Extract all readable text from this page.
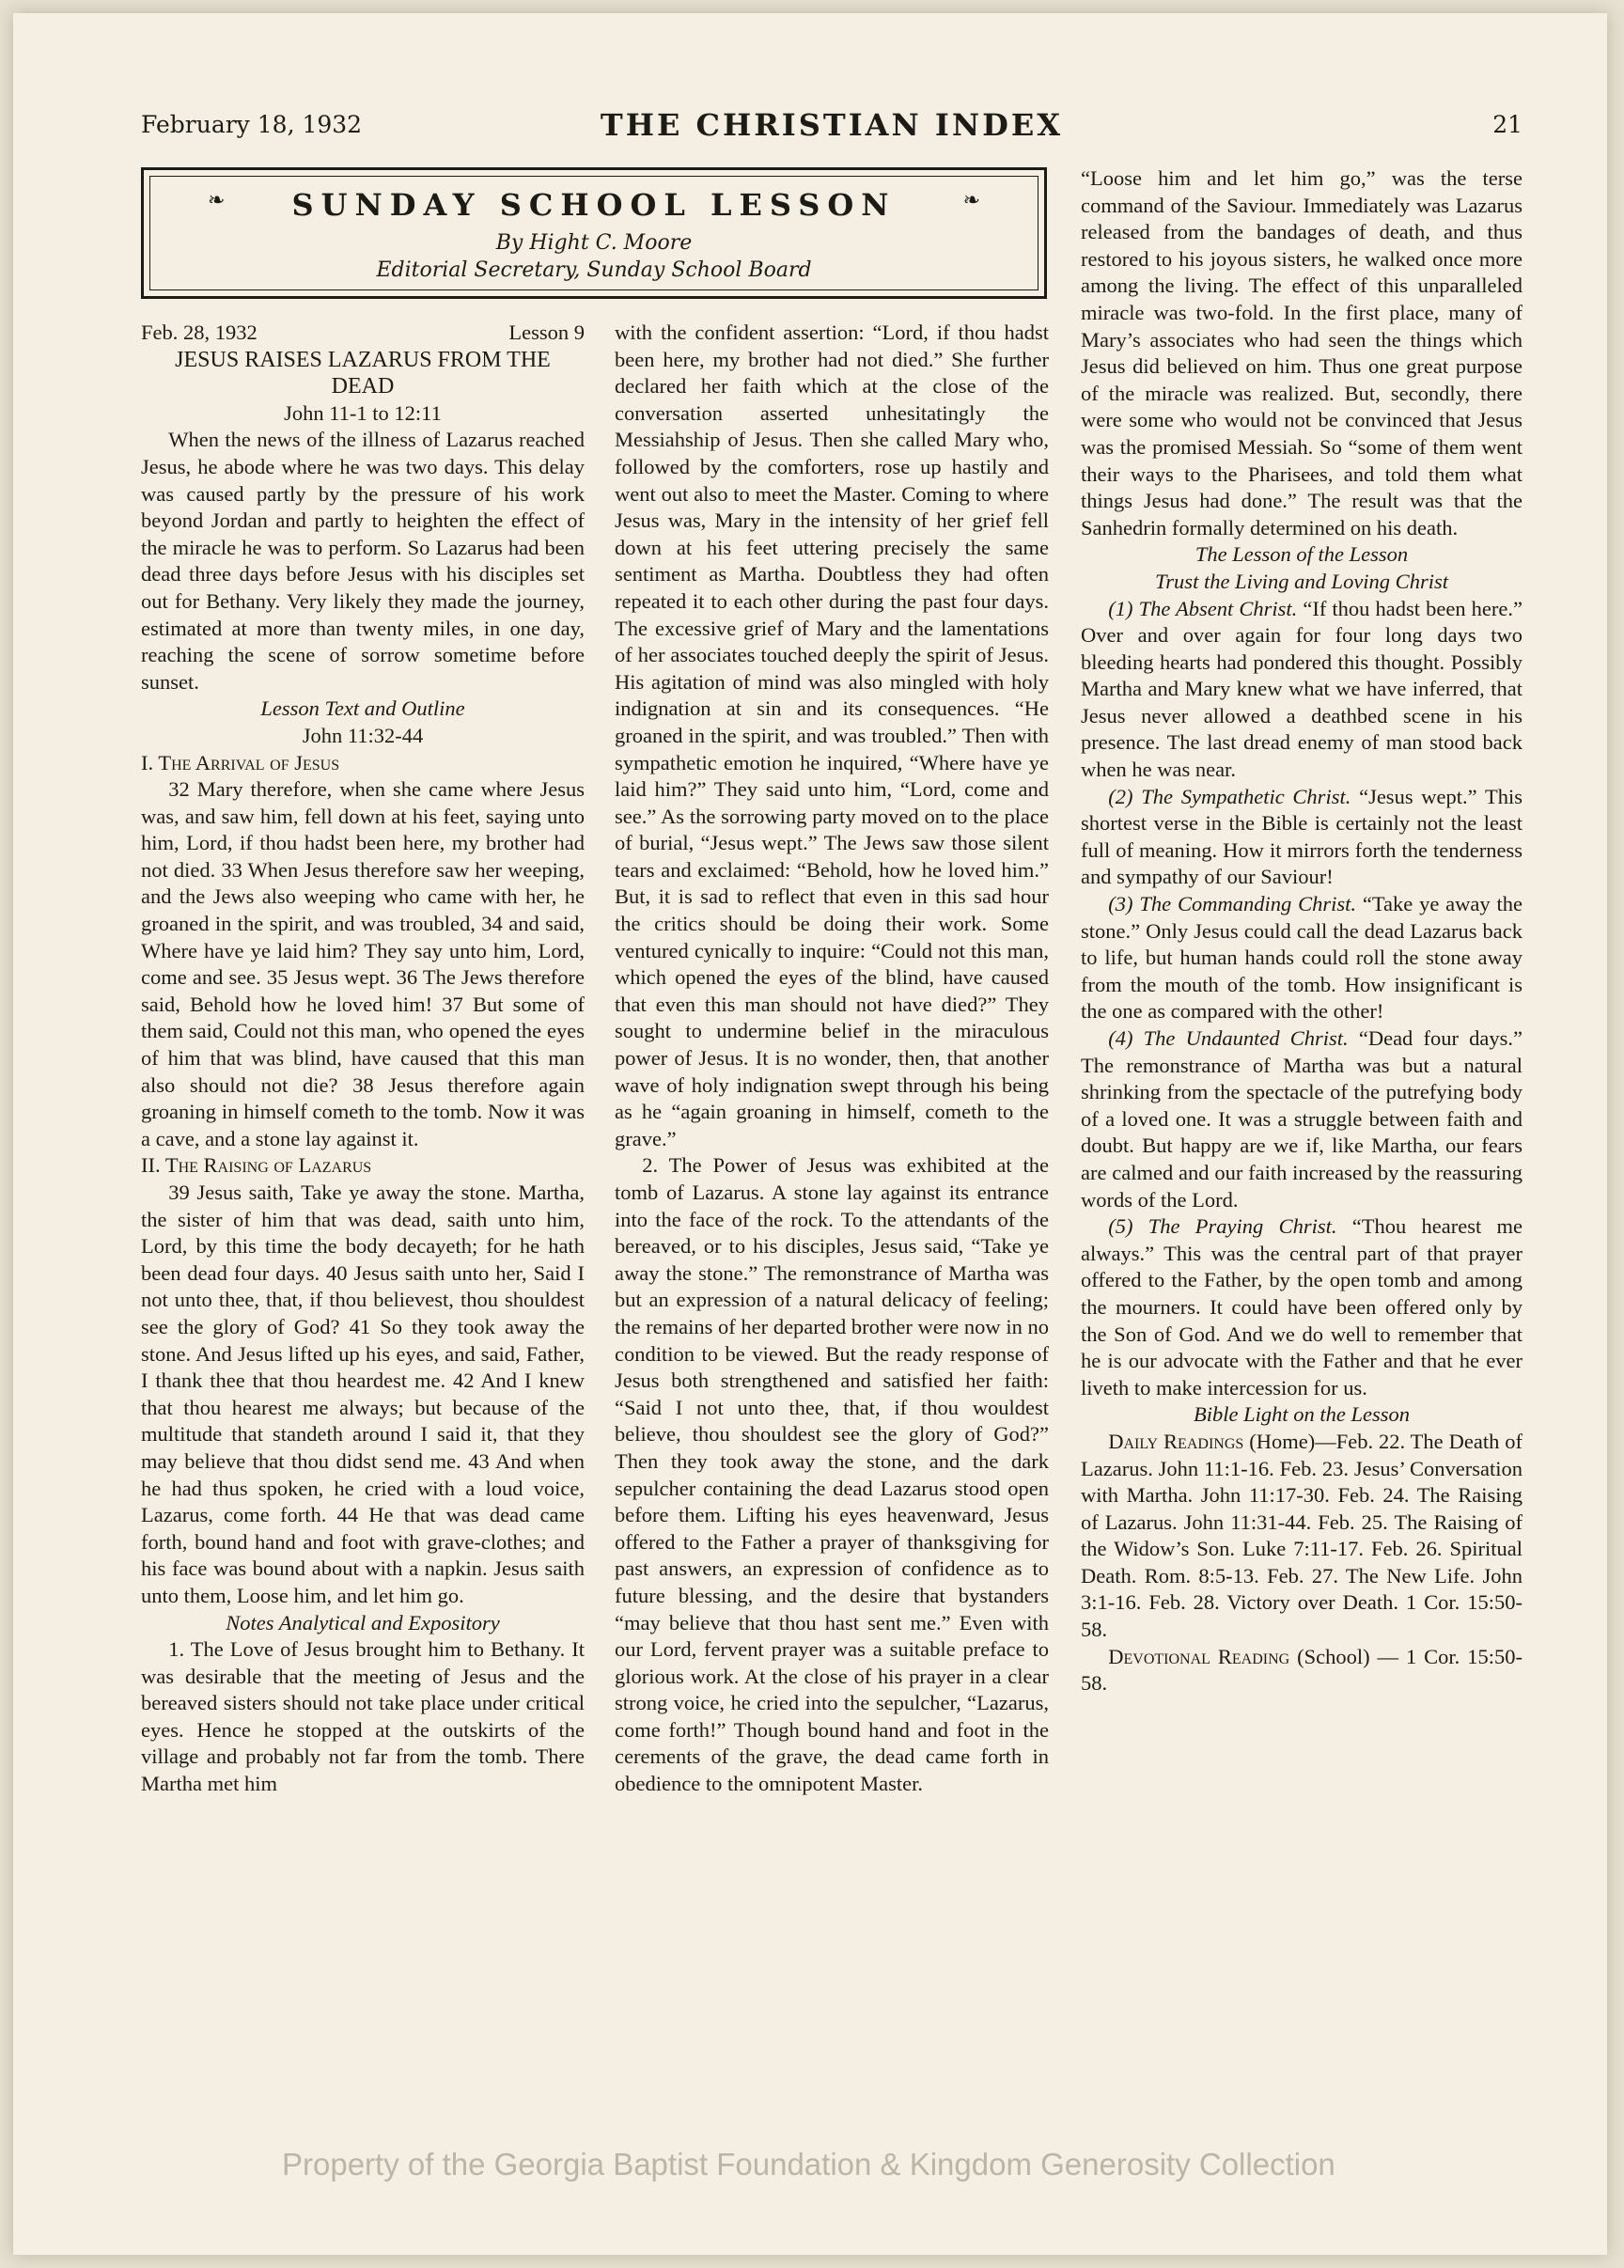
February 18, 1932	THE CHRISTIAN INDEX	21
❧	❧
SUNDAY SCHOOL LESSON
By Hight C. Moore
Editorial Secretary, Sunday School Board
Feb. 28, 1932	Lesson 9

JESUS RAISES LAZARUS FROM THE DEAD

John 11-1 to 12:11

When the news of the illness of Lazarus reached Jesus, he abode where he was two days. This delay was caused partly by the pressure of his work beyond Jordan and partly to heighten the effect of the miracle he was to perform. So Lazarus had been dead three days before Jesus with his disciples set out for Bethany. Very likely they made the journey, estimated at more than twenty miles, in one day, reaching the scene of sorrow sometime before sunset.

Lesson Text and Outline

John 11:32-44

I. The Arrival of Jesus

32 Mary therefore, when she came where Jesus was, and saw him, fell down at his feet, saying unto him, Lord, if thou hadst been here, my brother had not died. 33 When Jesus therefore saw her weeping, and the Jews also weeping who came with her, he groaned in the spirit, and was troubled, 34 and said, Where have ye laid him? They say unto him, Lord, come and see. 35 Jesus wept. 36 The Jews therefore said, Behold how he loved him! 37 But some of them said, Could not this man, who opened the eyes of him that was blind, have caused that this man also should not die? 38 Jesus therefore again groaning in himself cometh to the tomb. Now it was a cave, and a stone lay against it.

II. The Raising of Lazarus

39 Jesus saith, Take ye away the stone. Martha, the sister of him that was dead, saith unto him, Lord, by this time the body decayeth; for he hath been dead four days. 40 Jesus saith unto her, Said I not unto thee, that, if thou believest, thou shouldest see the glory of God? 41 So they took away the stone. And Jesus lifted up his eyes, and said, Father, I thank thee that thou heardest me. 42 And I knew that thou hearest me always; but because of the multitude that standeth around I said it, that they may believe that thou didst send me. 43 And when he had thus spoken, he cried with a loud voice, Lazarus, come forth. 44 He that was dead came forth, bound hand and foot with grave-clothes; and his face was bound about with a napkin. Jesus saith unto them, Loose him, and let him go.

Notes Analytical and Expository

1. The Love of Jesus brought him to Bethany. It was desirable that the meeting of Jesus and the bereaved sisters should not take place under critical eyes. Hence he stopped at the outskirts of the village and probably not far from the tomb. There Martha met him

with the confident assertion: “Lord, if thou hadst been here, my brother had not died.” She further declared her faith which at the close of the conversation asserted unhesitatingly the Messiahship of Jesus. Then she called Mary who, followed by the comforters, rose up hastily and went out also to meet the Master. Coming to where Jesus was, Mary in the intensity of her grief fell down at his feet uttering precisely the same sentiment as Martha. Doubtless they had often repeated it to each other during the past four days. The excessive grief of Mary and the lamentations of her associates touched deeply the spirit of Jesus. His agitation of mind was also mingled with holy indignation at sin and its consequences. “He groaned in the spirit, and was troubled.” Then with sympathetic emotion he inquired, “Where have ye laid him?” They said unto him, “Lord, come and see.” As the sorrowing party moved on to the place of burial, “Jesus wept.” The Jews saw those silent tears and exclaimed: “Behold, how he loved him.” But, it is sad to reflect that even in this sad hour the critics should be doing their work. Some ventured cynically to inquire: “Could not this man, which opened the eyes of the blind, have caused that even this man should not have died?” They sought to undermine belief in the miraculous power of Jesus. It is no wonder, then, that another wave of holy indignation swept through his being as he “again groaning in himself, cometh to the grave.”

2. The Power of Jesus was exhibited at the tomb of Lazarus. A stone lay against its entrance into the face of the rock. To the attendants of the bereaved, or to his disciples, Jesus said, “Take ye away the stone.” The remonstrance of Martha was but an expression of a natural delicacy of feeling; the remains of her departed brother were now in no condition to be viewed. But the ready response of Jesus both strengthened and satisfied her faith: “Said I not unto thee, that, if thou wouldest believe, thou shouldest see the glory of God?” Then they took away the stone, and the dark sepulcher containing the dead Lazarus stood open before them. Lifting his eyes heavenward, Jesus offered to the Father a prayer of thanksgiving for past answers, an expression of confidence as to future blessing, and the desire that bystanders “may believe that thou hast sent me.” Even with our Lord, fervent prayer was a suitable preface to glorious work. At the close of his prayer in a clear strong voice, he cried into the sepulcher, “Lazarus, come forth!” Though bound hand and foot in the cerements of the grave, the dead came forth in obedience to the omnipotent Master.

“Loose him and let him go,” was the terse command of the Saviour. Immediately was Lazarus released from the bandages of death, and thus restored to his joyous sisters, he walked once more among the living. The effect of this unparalleled miracle was two-fold. In the first place, many of Mary’s associates who had seen the things which Jesus did believed on him. Thus one great purpose of the miracle was realized. But, secondly, there were some who would not be convinced that Jesus was the promised Messiah. So “some of them went their ways to the Pharisees, and told them what things Jesus had done.” The result was that the Sanhedrin formally determined on his death.

The Lesson of the Lesson

Trust the Living and Loving Christ

(1) The Absent Christ. “If thou hadst been here.” Over and over again for four long days two bleeding hearts had pondered this thought. Possibly Martha and Mary knew what we have inferred, that Jesus never allowed a deathbed scene in his presence. The last dread enemy of man stood back when he was near.

(2) The Sympathetic Christ. “Jesus wept.” This shortest verse in the Bible is certainly not the least full of meaning. How it mirrors forth the tenderness and sympathy of our Saviour!

(3) The Commanding Christ. “Take ye away the stone.” Only Jesus could call the dead Lazarus back to life, but human hands could roll the stone away from the mouth of the tomb. How insignificant is the one as compared with the other!

(4) The Undaunted Christ. “Dead four days.” The remonstrance of Martha was but a natural shrinking from the spectacle of the putrefying body of a loved one. It was a struggle between faith and doubt. But happy are we if, like Martha, our fears are calmed and our faith increased by the reassuring words of the Lord.

(5) The Praying Christ. “Thou hearest me always.” This was the central part of that prayer offered to the Father, by the open tomb and among the mourners. It could have been offered only by the Son of God. And we do well to remember that he is our advocate with the Father and that he ever liveth to make intercession for us.

Bible Light on the Lesson

Daily Readings (Home)—Feb. 22. The Death of Lazarus. John 11:1-16. Feb. 23. Jesus’ Conversation with Martha. John 11:17-30. Feb. 24. The Raising of Lazarus. John 11:31-44. Feb. 25. The Raising of the Widow’s Son. Luke 7:11-17. Feb. 26. Spiritual Death. Rom. 8:5-13. Feb. 27. The New Life. John 3:1-16. Feb. 28. Victory over Death. 1 Cor. 15:50-58.

Devotional Reading (School) — 1 Cor. 15:50-58.

Property of the Georgia Baptist Foundation & Kingdom Generosity Collection
